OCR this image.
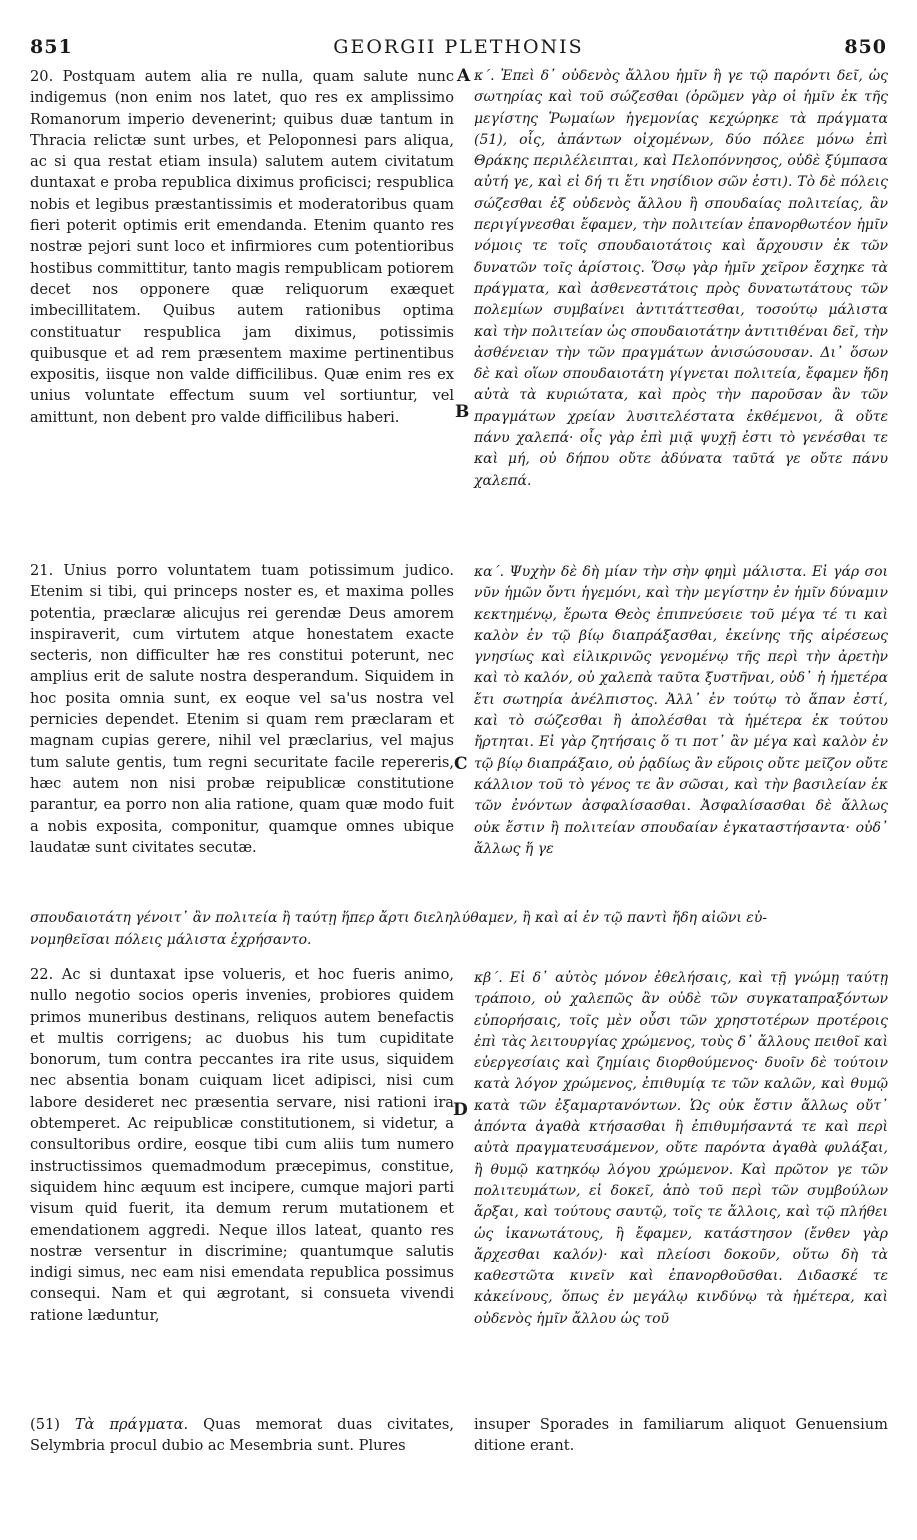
851	GEORGII PLETHONIS	850

20. Postquam autem alia re nulla, quam salute nunc indigemus (non enim nos latet, quo res ex amplissimo Romanorum imperio devenerint; quibus duæ tantum in Thracia relictæ sunt urbes, et Peloponnesi pars aliqua, ac si qua restat etiam insula) salutem autem civitatum duntaxat e proba republica diximus proficisci; respublica nobis et legibus præstantissimis et moderatoribus quam fieri poterit optimis erit emendanda. Etenim quanto res nostræ pejori sunt loco et infirmiores cum potentioribus hostibus committitur, tanto magis rempublicam potiorem decet nos opponere quæ reliquorum exæquet imbecillitatem. Quibus autem rationibus optima constituatur respublica jam diximus, potissimis quibusque et ad rem præsentem maxime pertinentibus expositis, iisque non valde difficilibus. Quæ enim res ex unius voluntate effectum suum vel sortiuntur, vel amittunt, non debent pro valde difficilibus haberi.

21. Unius porro voluntatem tuam potissimum judico. Etenim si tibi, qui princeps noster es, et maxima polles potentia, præclaræ alicujus rei gerendæ Deus amorem inspiraverit, cum virtutem atque honestatem exacte secteris, non difficulter hæ res constitui poterunt, nec amplius erit de salute nostra desperandum. Siquidem in hoc posita omnia sunt, ex eoque vel sa'us nostra vel pernicies dependet. Etenim si quam rem præclaram et magnam cupias gerere, nihil vel præclarius, vel majus tum salute gentis, tum regni securitate facile repereris, hæc autem non nisi probæ reipublicæ constitutione parantur, ea porro non alia ratione, quam quæ modo fuit a nobis exposita, componitur, quamque omnes ubique laudatæ sunt civitates secutæ.

22. Ac si duntaxat ipse volueris, et hoc fueris animo, nullo negotio socios operis invenies, probiores quidem primos muneribus destinans, reliquos autem benefactis et multis corrigens; ac duobus his tum cupiditate bonorum, tum contra peccantes ira rite usus, siquidem nec absentia bonam cuiquam licet adipisci, nisi cum labore desideret nec præsentia servare, nisi rationi ira obtemperet. Ac reipublicæ constitutionem, si videtur, a consultoribus ordire, eosque tibi cum aliis tum numero instructissimos quemadmodum præcepimus, constitue, siquidem hinc æquum est incipere, cumque majori parti visum quid fuerit, ita demum rerum mutationem et emendationem aggredi. Neque illos lateat, quanto res nostræ versentur in discrimine; quantumque salutis indigi simus, nec eam nisi emendata republica possimus consequi. Nam et qui ægrotant, si consueta vivendi ratione læduntur,

A
B
C
D

κ΄. Ἐπεὶ δ᾽ οὐδενὸς ἄλλου ἡμῖν ἢ γε τῷ παρόντι δεῖ, ὡς σωτηρίας καὶ τοῦ σώζεσθαι (ὁρῶμεν γὰρ οἱ ἡμῖν ἐκ τῆς μεγίστης Ῥωμαίων ἡγεμονίας κεχώρηκε τὰ πράγματα (51), οἷς, ἁπάντων οἰχομένων, δύο πόλεε μόνω ἐπὶ Θράκης περιλέλειπται, καὶ Πελοπόννησος, οὐδὲ ξύμπασα αὐτή γε, καὶ εἰ δή τι ἔτι νησίδιον σῶν ἐστι). Τὸ δὲ πόλεις σώζεσθαι ἐξ οὐδενὸς ἄλλου ἢ σπουδαίας πολιτείας, ἂν περιγίγνεσθαι ἔφαμεν, τὴν πολιτείαν ἐπανορθωτέον ἡμῖν νόμοις τε τοῖς σπουδαιοτάτοις καὶ ἄρχουσιν ἐκ τῶν δυνατῶν τοῖς ἀρίστοις. Ὅσῳ γὰρ ἡμῖν χεῖρον ἔσχηκε τὰ πράγματα, καὶ ἀσθενεστάτοις πρὸς δυνατωτάτους τῶν πολεμίων συμβαίνει ἀντιτάττεσθαι, τοσούτῳ μάλιστα καὶ τὴν πολιτείαν ὡς σπουδαιοτάτην ἀντιτιθέναι δεῖ, τὴν ἀσθένειαν τὴν τῶν πραγμάτων ἀνισώσουσαν. Δι᾽ ὅσων δὲ καὶ οἵων σπουδαιοτάτη γίγνεται πολιτεία, ἔφαμεν ἤδη αὐτὰ τὰ κυριώτατα, καὶ πρὸς τὴν παροῦσαν ἂν τῶν πραγμάτων χρείαν λυσιτελέστατα ἐκθέμενοι, ἃ οὔτε πάνυ χαλεπά· οἷς γὰρ ἐπὶ μιᾷ ψυχῇ ἐστι τὸ γενέσθαι τε καὶ μή, οὐ δήπου οὔτε ἀδύνατα ταῦτά γε οὔτε πάνυ χαλεπά.

κα΄. Ψυχὴν δὲ δὴ μίαν τὴν σὴν φημὶ μάλιστα. Εἰ γάρ σοι νῦν ἡμῶν ὄντι ἡγεμόνι, καὶ τὴν μεγίστην ἐν ἡμῖν δύναμιν κεκτημένῳ, ἔρωτα Θεὸς ἐπιπνεύσειε τοῦ μέγα τέ τι καὶ καλὸν ἐν τῷ βίῳ διαπράξασθαι, ἐκείνης τῆς αἱρέσεως γνησίως καὶ εἰλικρινῶς γενομένῳ τῆς περὶ τὴν ἀρετὴν καὶ τὸ καλόν, οὐ χαλεπὰ ταῦτα ξυστῆναι, οὐδ᾽ ἡ ἡμετέρα ἔτι σωτηρία ἀνέλπιστος. Ἀλλ᾽ ἐν τούτῳ τὸ ἅπαν ἐστί, καὶ τὸ σώζεσθαι ἢ ἀπολέσθαι τὰ ἡμέτερα ἐκ τούτου ἤρτηται. Εἰ γὰρ ζητήσαις ὅ τι ποτ᾽ ἂν μέγα καὶ καλὸν ἐν τῷ βίῳ διαπράξαιο, οὐ ῥᾳδίως ἂν εὕροις οὔτε μεῖζον οὔτε κάλλιον τοῦ τὸ γένος τε ἂν σῶσαι, καὶ τὴν βασιλείαν ἐκ τῶν ἐνόντων ἀσφαλίσασθαι. Ἀσφαλίσασθαι δὲ ἄλλως οὐκ ἔστιν ἢ πολιτείαν σπουδαίαν ἐγκαταστήσαντα· οὐδ᾽ ἄλλως ἥ γε

σπουδαιοτάτη γένοιτ᾽ ἂν πολιτεία ἢ ταύτῃ ἥπερ ἄρτι διεληλύθαμεν, ἢ καὶ αἱ ἐν τῷ παντὶ ἤδη αἰῶνι εὐ-
νομηθεῖσαι πόλεις μάλιστα ἐχρήσαντο.

κβ΄. Εἰ δ᾽ αὐτὸς μόνον ἐθελήσαις, καὶ τῇ γνώμῃ ταύτῃ τράποιο, οὐ χαλεπῶς ἂν οὐδὲ τῶν συγκαταπραξόντων εὐπορήσαις, τοῖς μὲν οὖσι τῶν χρηστοτέρων προτέροις ἐπὶ τὰς λειτουργίας χρώμενος, τοὺς δ᾽ ἄλλους πειθοῖ καὶ εὐεργεσίαις καὶ ζημίαις διορθούμενος· δυοῖν δὲ τούτοιν κατὰ λόγον χρώμενος, ἐπιθυμίᾳ τε τῶν καλῶν, καὶ θυμῷ κατὰ τῶν ἐξαμαρτανόντων. Ὡς οὐκ ἔστιν ἄλλως οὔτ᾽ ἀπόντα ἀγαθὰ κτήσασθαι ἢ ἐπιθυμήσαντά τε καὶ περὶ αὐτὰ πραγματευσάμενον, οὔτε παρόντα ἀγαθὰ φυλάξαι, ἢ θυμῷ κατηκόῳ λόγου χρώμενον. Καὶ πρῶτον γε τῶν πολιτευμάτων, εἰ δοκεῖ, ἀπὸ τοῦ περὶ τῶν συμβούλων ἄρξαι, καὶ τούτους σαυτῷ, τοῖς τε ἄλλοις, καὶ τῷ πλήθει ὡς ἱκανωτάτους, ἢ ἔφαμεν, κατάστησον (ἔνθεν γὰρ ἄρχεσθαι καλόν)· καὶ πλείοσι δοκοῦν, οὕτω δὴ τὰ καθεστῶτα κινεῖν καὶ ἐπανορθοῦσθαι. Διδασκέ τε κἀκείνους, ὅπως ἐν μεγάλῳ κινδύνῳ τὰ ἡμέτερα, καὶ οὐδενὸς ἡμῖν ἄλλου ὡς τοῦ

(51) Τὰ πράγματα. Quas memorat duas civitates, Selymbria procul dubio ac Mesembria sunt. Plures
insuper Sporades in familiarum aliquot Genuensium ditione erant.
